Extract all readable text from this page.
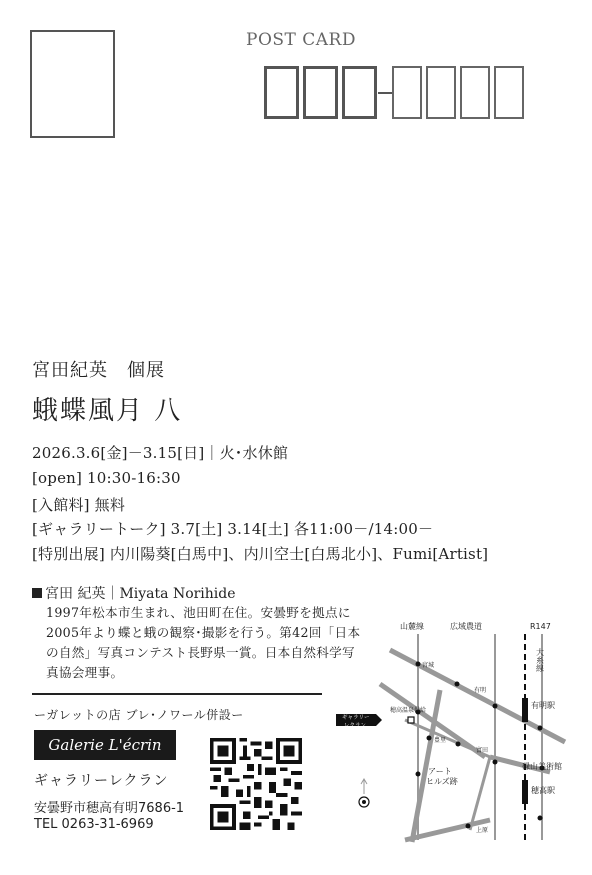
POST CARD
宮田紀英　個展
蛾蝶風月 八
2026.3.6[金]－3.15[日]｜火･水休館
[open] 10:30-16:30
[入館料] 無料
[ギャラリートーク] 3.7[土] 3.14[土] 各11:00－/14:00－
[特別出展] 内川陽葵[白馬中]、内川空士[白馬北小]、Fumi[Artist]
宮田 紀英｜Miyata Norihide
1997年松本市生まれ、池田町在住。安曇野を拠点に2005年より蝶と蛾の観察･撮影を行う。第42回「日本の自然」写真コンテスト長野県一賞。日本自然科学写真協会理事。
ーガレットの店 ブレ･ノワール併設ー
Galerie L'écrin
ギャラリーレクラン
安曇野市穂高有明7686-1
TEL 0263-31-6969
ギャラリー
レクラン
山麓線	広域農道	R147
宮城
有明
穂高温泉供給
豊里
富田
アート
ヒルズ跡
上原
有明駅
穂高駅
碌山美術館
大糸線
